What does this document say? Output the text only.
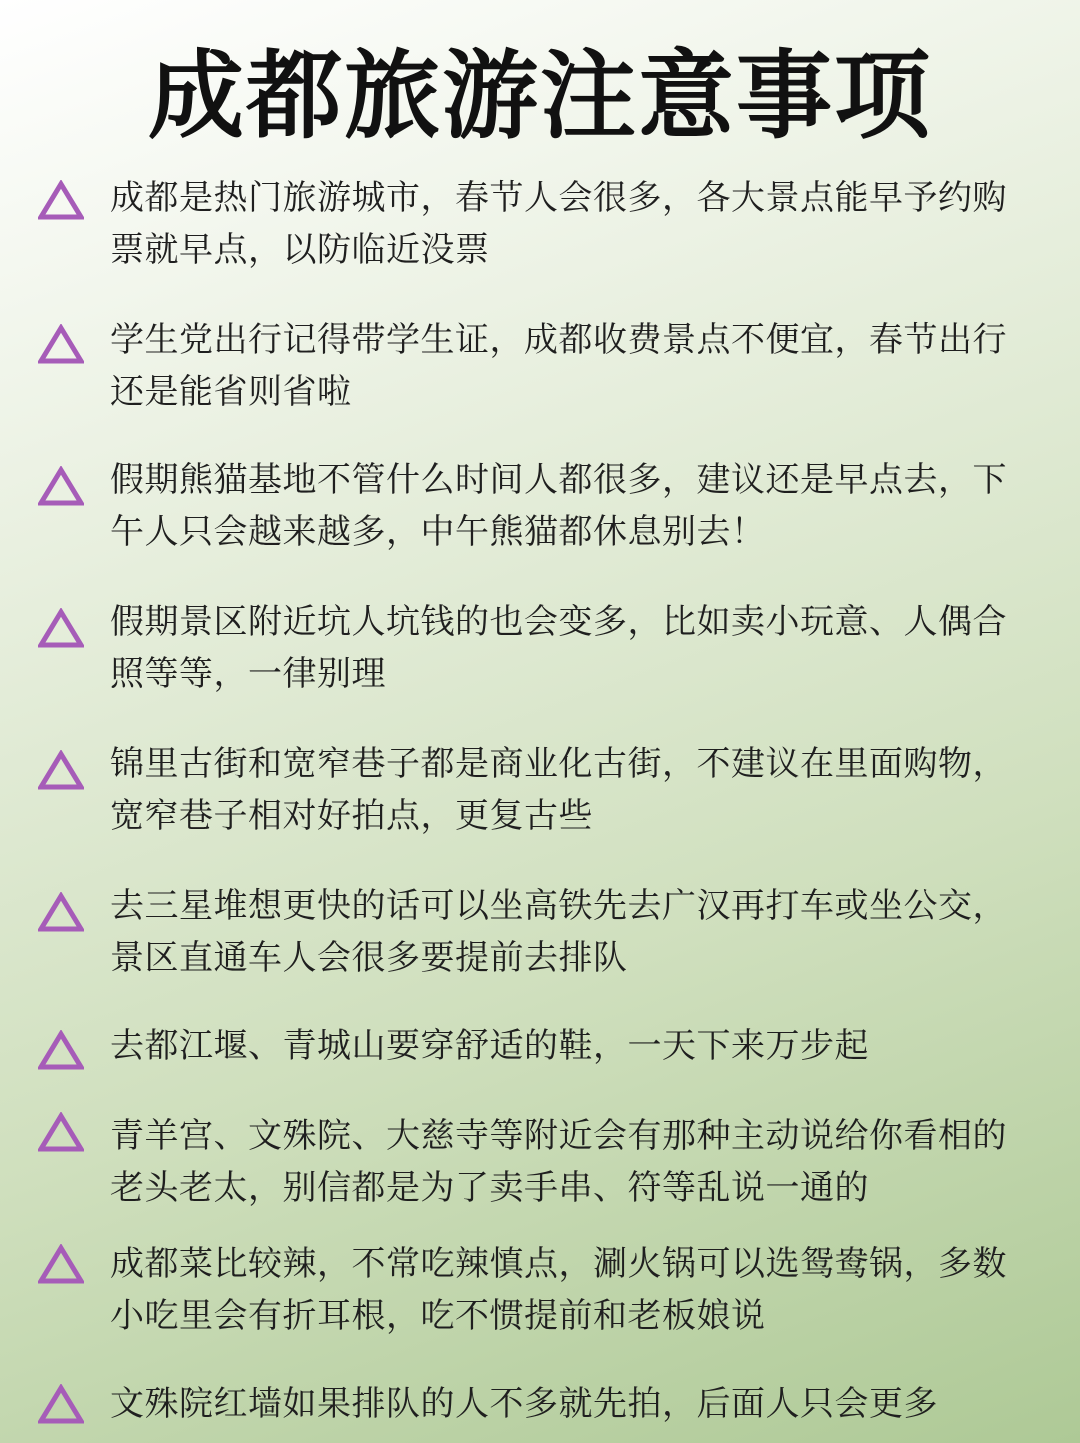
成都旅游注意事项
成都是热门旅游城市，春节人会很多，各大景点能早予约购票就早点，以防临近没票
学生党出行记得带学生证，成都收费景点不便宜，春节出行还是能省则省啦
假期熊猫基地不管什么时间人都很多，建议还是早点去，下午人只会越来越多，中午熊猫都休息别去！
假期景区附近坑人坑钱的也会变多，比如卖小玩意、人偶合照等等，一律别理
锦里古街和宽窄巷子都是商业化古街，不建议在里面购物，宽窄巷子相对好拍点，更复古些
去三星堆想更快的话可以坐高铁先去广汉再打车或坐公交，景区直通车人会很多要提前去排队
去都江堰、青城山要穿舒适的鞋，一天下来万步起
青羊宫、文殊院、大慈寺等附近会有那种主动说给你看相的老头老太，别信都是为了卖手串、符等乱说一通的
成都菜比较辣，不常吃辣慎点，涮火锅可以选鸳鸯锅，多数小吃里会有折耳根，吃不惯提前和老板娘说
文殊院红墙如果排队的人不多就先拍，后面人只会更多
